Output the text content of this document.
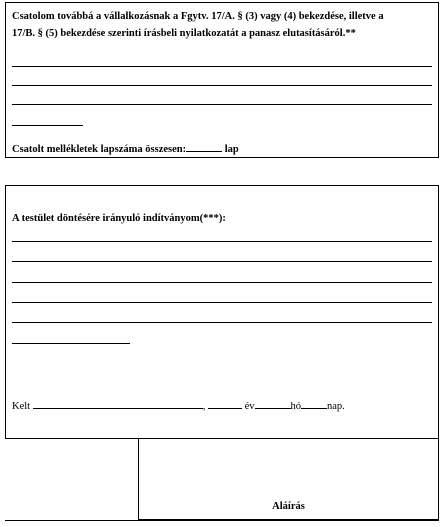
Csatolom továbbá a vállalkozásnak a Fgytv. 17/A. § (3) vagy (4) bekezdése, illetve a
17/B. § (5) bekezdése szerinti írásbeli nyilatkozatát a panasz elutasításáról.**
Csatolt mellékletek lapszáma összesen:	lap
A testület döntésére irányuló indítványom(***):
Kelt	,	év	hó nap.
Aláírás
